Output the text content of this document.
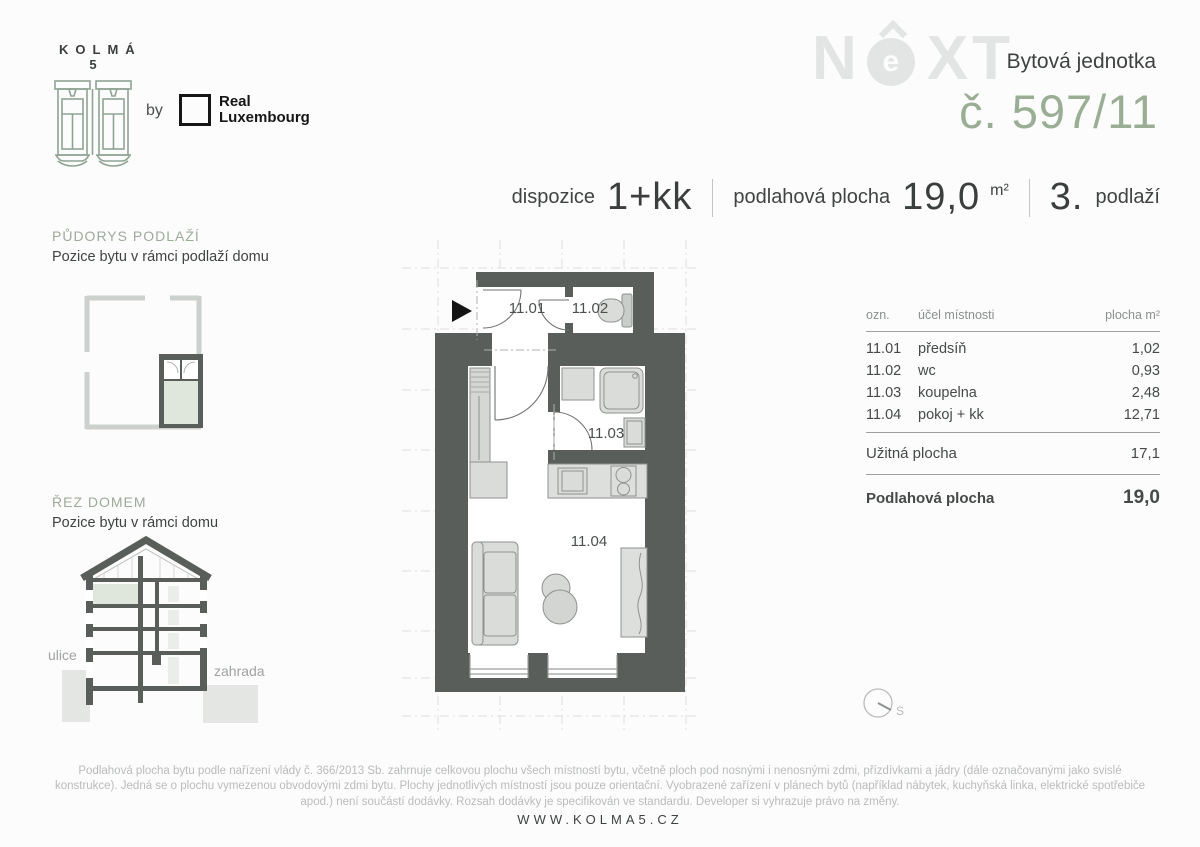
KOLMÁ 5
by
Real
Luxembourg
N e XT
Bytová jednotka
č. 597/11
dispozice 1+kk podlahová plocha 19,0 m² 3. podlaží
PŮDORYS PODLAŽÍ
Pozice bytu v rámci podlaží domu
ŘEZ DOMEM
Pozice bytu v rámci domu
ulice
zahrada
11.01 11.02
11.03
11.04
ozn.	účel místnosti	plocha m²
11.01	předsíň	1,02
11.02	wc	0,93
11.03	koupelna	2,48
11.04	pokoj + kk	12,71
Užitná plocha	17,1
Podlahová plocha	19,0
S

Podlahová plocha bytu podle nařízení vlády č. 366/2013 Sb. zahrnuje celkovou plochu všech místností bytu, včetně ploch pod nosnými i nenosnými zdmi, přízdívkami a jádry (dále označovanými jako svislé konstrukce). Jedná se o plochu vymezenou obvodovými zdmi bytu. Plochy jednotlivých místností jsou pouze orientační. Vyobrazené zařízení v plánech bytů (například nábytek, kuchyňská linka, elektrické spotřebiče apod.) není součástí dodávky. Rozsah dodávky je specifikován ve standardu. Developer si vyhrazuje právo na změny.

WWW.KOLMA5.CZ
